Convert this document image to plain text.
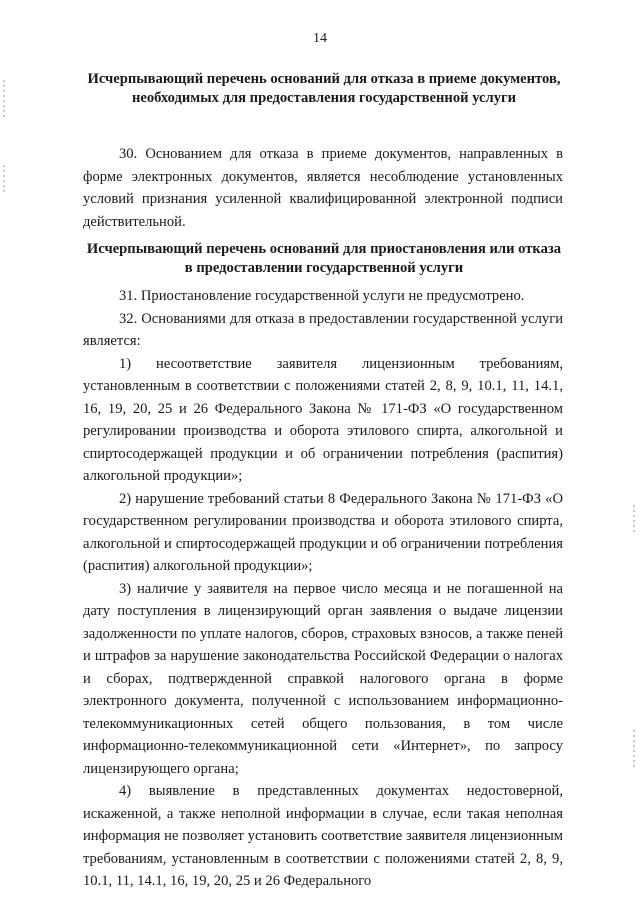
14
Исчерпывающий перечень оснований для отказа в приеме документов, необходимых для предоставления государственной услуги

30. Основанием для отказа в приеме документов, направленных в форме электронных документов, является несоблюдение установленных условий признания усиленной квалифицированной электронной подписи действительной.

Исчерпывающий перечень оснований для приостановления или отказа в предоставлении государственной услуги

31. Приостановление государственной услуги не предусмотрено.

32. Основаниями для отказа в предоставлении государственной услуги является:

1) несоответствие заявителя лицензионным требованиям, установленным в соответствии с положениями статей 2, 8, 9, 10.1, 11, 14.1, 16, 19, 20, 25 и 26 Федерального Закона № 171-ФЗ «О государственном регулировании производства и оборота этилового спирта, алкогольной и спиртосодержащей продукции и об ограничении потребления (распития) алкогольной продукции»;

2) нарушение требований статьи 8 Федерального Закона № 171-ФЗ «О государственном регулировании производства и оборота этилового спирта, алкогольной и спиртосодержащей продукции и об ограничении потребления (распития) алкогольной продукции»;

3) наличие у заявителя на первое число месяца и не погашенной на дату поступления в лицензирующий орган заявления о выдаче лицензии задолженности по уплате налогов, сборов, страховых взносов, а также пеней и штрафов за нарушение законодательства Российской Федерации о налогах и сборах, подтвержденной справкой налогового органа в форме электронного документа, полученной с использованием информационно-телекоммуникационных сетей общего пользования, в том числе информационно-телекоммуникационной сети «Интернет», по запросу лицензирующего органа;

4) выявление в представленных документах недостоверной, искаженной, а также неполной информации в случае, если такая неполная информация не позволяет установить соответствие заявителя лицензионным требованиям, установленным в соответствии с положениями статей 2, 8, 9, 10.1, 11, 14.1, 16, 19, 20, 25 и 26 Федерального
